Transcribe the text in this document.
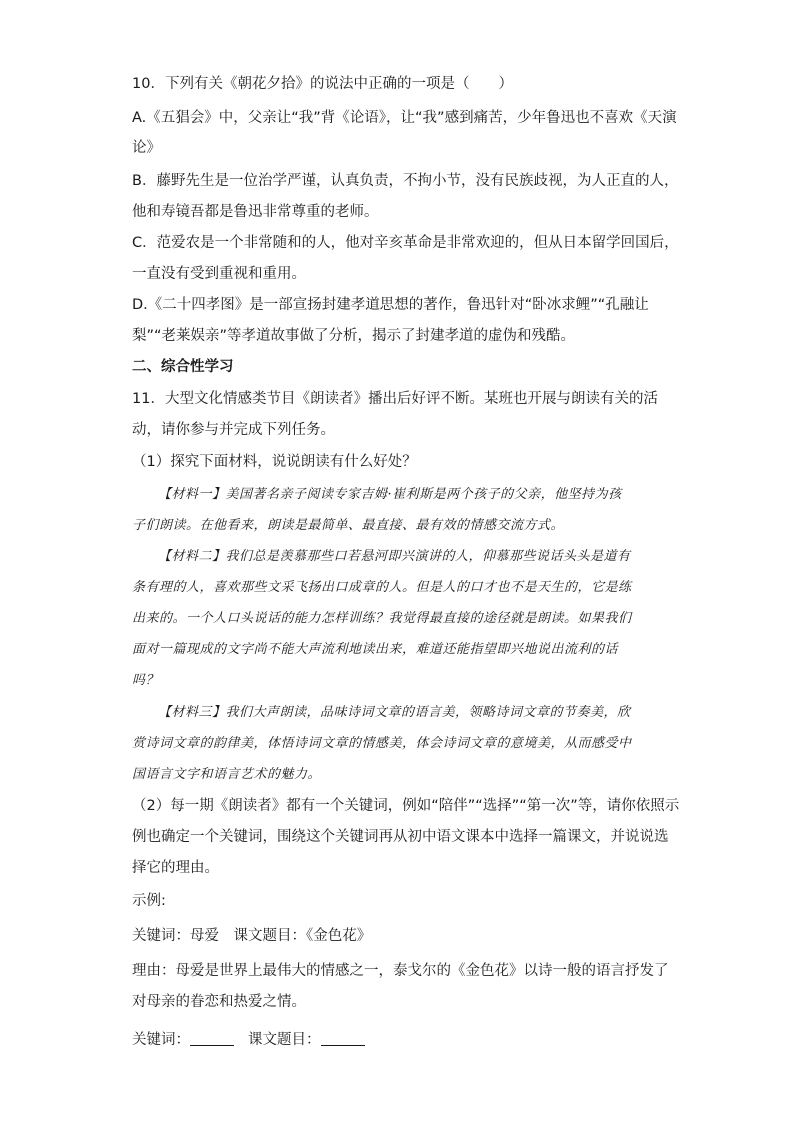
10．下列有关《朝花夕拾》的说法中正确的一项是（　　）
A.《五猖会》中，父亲让“我”背《论语》，让“我”感到痛苦，少年鲁迅也不喜欢《天演
论》
B．藤野先生是一位治学严谨，认真负责，不拘小节，没有民族歧视，为人正直的人，
他和寿镜吾都是鲁迅非常尊重的老师。
C．范爱农是一个非常随和的人，他对辛亥革命是非常欢迎的，但从日本留学回国后，
一直没有受到重视和重用。
D.《二十四孝图》是一部宣扬封建孝道思想的著作，鲁迅针对“卧冰求鲤”“孔融让
梨”“老莱娱亲”等孝道故事做了分析，揭示了封建孝道的虚伪和残酷。
二、综合性学习
11．大型文化情感类节目《朗读者》播出后好评不断。某班也开展与朗读有关的活
动，请你参与并完成下列任务。
（1）探究下面材料，说说朗读有什么好处？
【材料一】美国著名亲子阅读专家吉姆·崔利斯是两个孩子的父亲，他坚持为孩
子们朗读。在他看来，朗读是最简单、最直接、最有效的情感交流方式。
【材料二】我们总是羡慕那些口若悬河即兴演讲的人，仰慕那些说话头头是道有
条有理的人，喜欢那些文采飞扬出口成章的人。但是人的口才也不是天生的，它是练
出来的。一个人口头说话的能力怎样训练？我觉得最直接的途径就是朗读。如果我们
面对一篇现成的文字尚不能大声流利地读出来，难道还能指望即兴地说出流利的话
吗？
【材料三】我们大声朗读，品味诗词文章的语言美，领略诗词文章的节奏美，欣
赏诗词文章的韵律美，体悟诗词文章的情感美，体会诗词文章的意境美，从而感受中
国语言文字和语言艺术的魅力。
（2）每一期《朗读者》都有一个关键词，例如“陪伴”“选择”“第一次”等，请你依照示
例也确定一个关键词，围绕这个关键词再从初中语文课本中选择一篇课文，并说说选
择它的理由。
示例:
关键词：母爱　课文题目：《金色花》
理由：母爱是世界上最伟大的情感之一，泰戈尔的《金色花》以诗一般的语言抒发了
对母亲的眷恋和热爱之情。
关键词：	课文题目：
